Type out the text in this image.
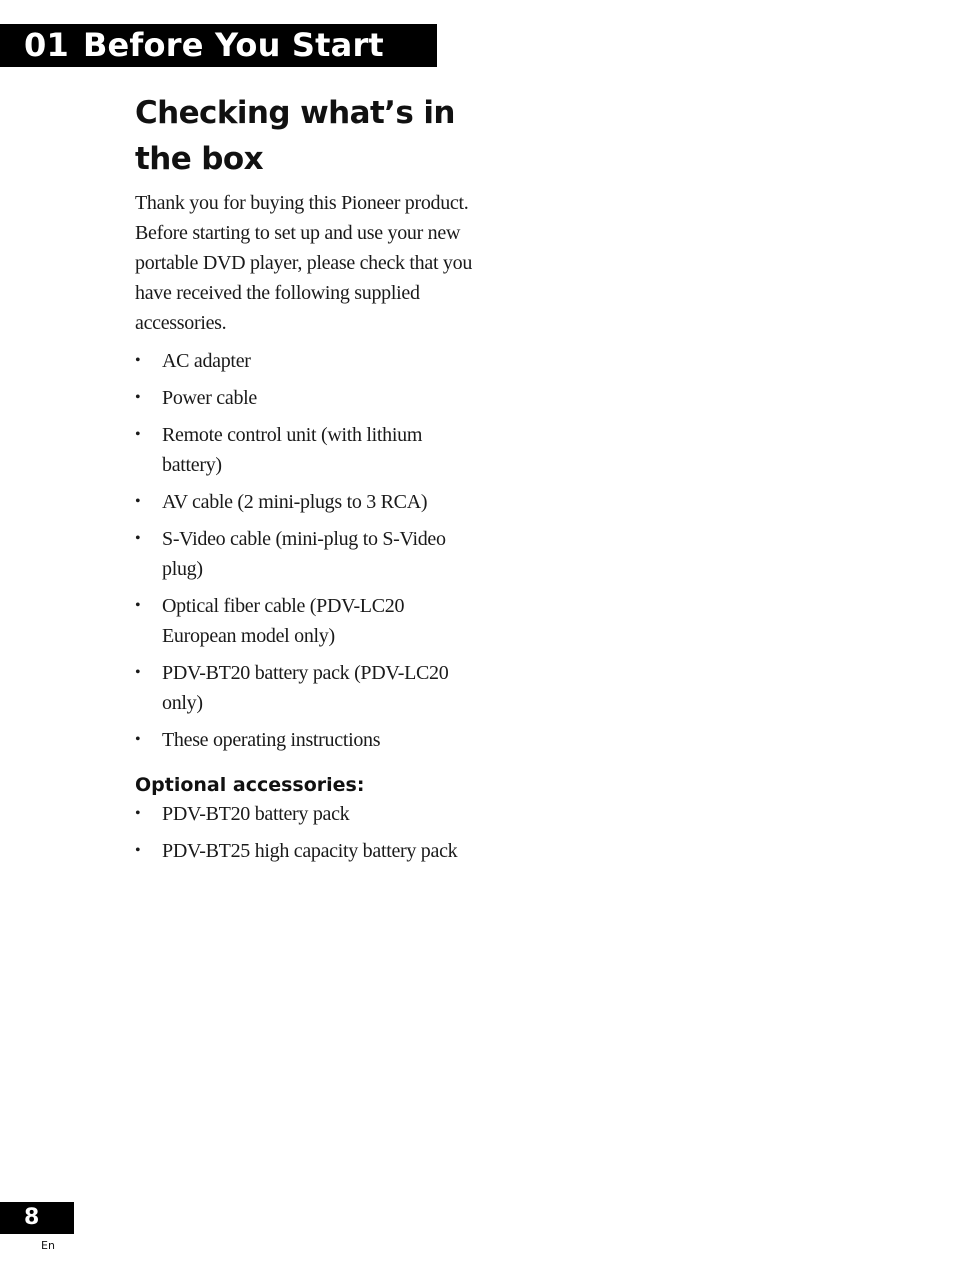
01 Before You Start
Checking what’s in the box

Thank you for buying this Pioneer product. Before starting to set up and use your new portable DVD player, please check that you have received the following supplied accessories.

• AC adapter
• Power cable
• Remote control unit (with lithium battery)
• AV cable (2 mini-plugs to 3 RCA)
• S-Video cable (mini-plug to S-Video plug)
• Optical fiber cable (PDV-LC20 European model only)
• PDV-BT20 battery pack (PDV-LC20 only)
• These operating instructions
Optional accessories:
• PDV-BT20 battery pack
• PDV-BT25 high capacity battery pack
8
En
